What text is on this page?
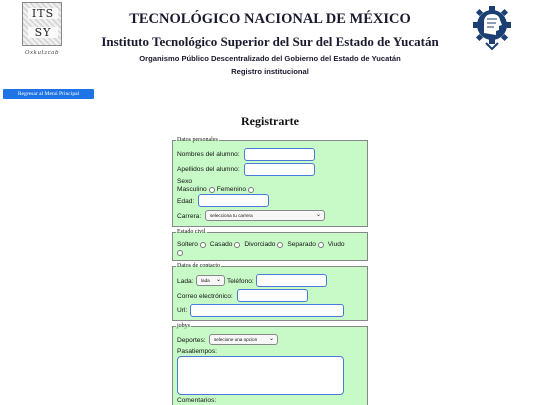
ITS
SY
Oxkutzcab
TECNOLÓGICO NACIONAL DE MÉXICO
Instituto Tecnológico Superior del Sur del Estado de Yucatán
Organismo Público Descentralizado del Gobierno del Estado de Yucatán
Registro institucional
Regresar al Menú Principal
Registrarte
Datos personales
Nombres del alumno:
Apellidos del alumno:
Sexo
Masculino Femenino
Edad:
Carrera:	selecciona tu carrera	⌄
Estado civil
Soltero Casado Divorciado Separado Viudo
Datos de contacto
Lada:	lada ⌄ Teléfono:
Correo electrónico:
Url:
jobys
Deportes:	selecione una opcion ⌄
Pasatiempos:
Comentarios:
